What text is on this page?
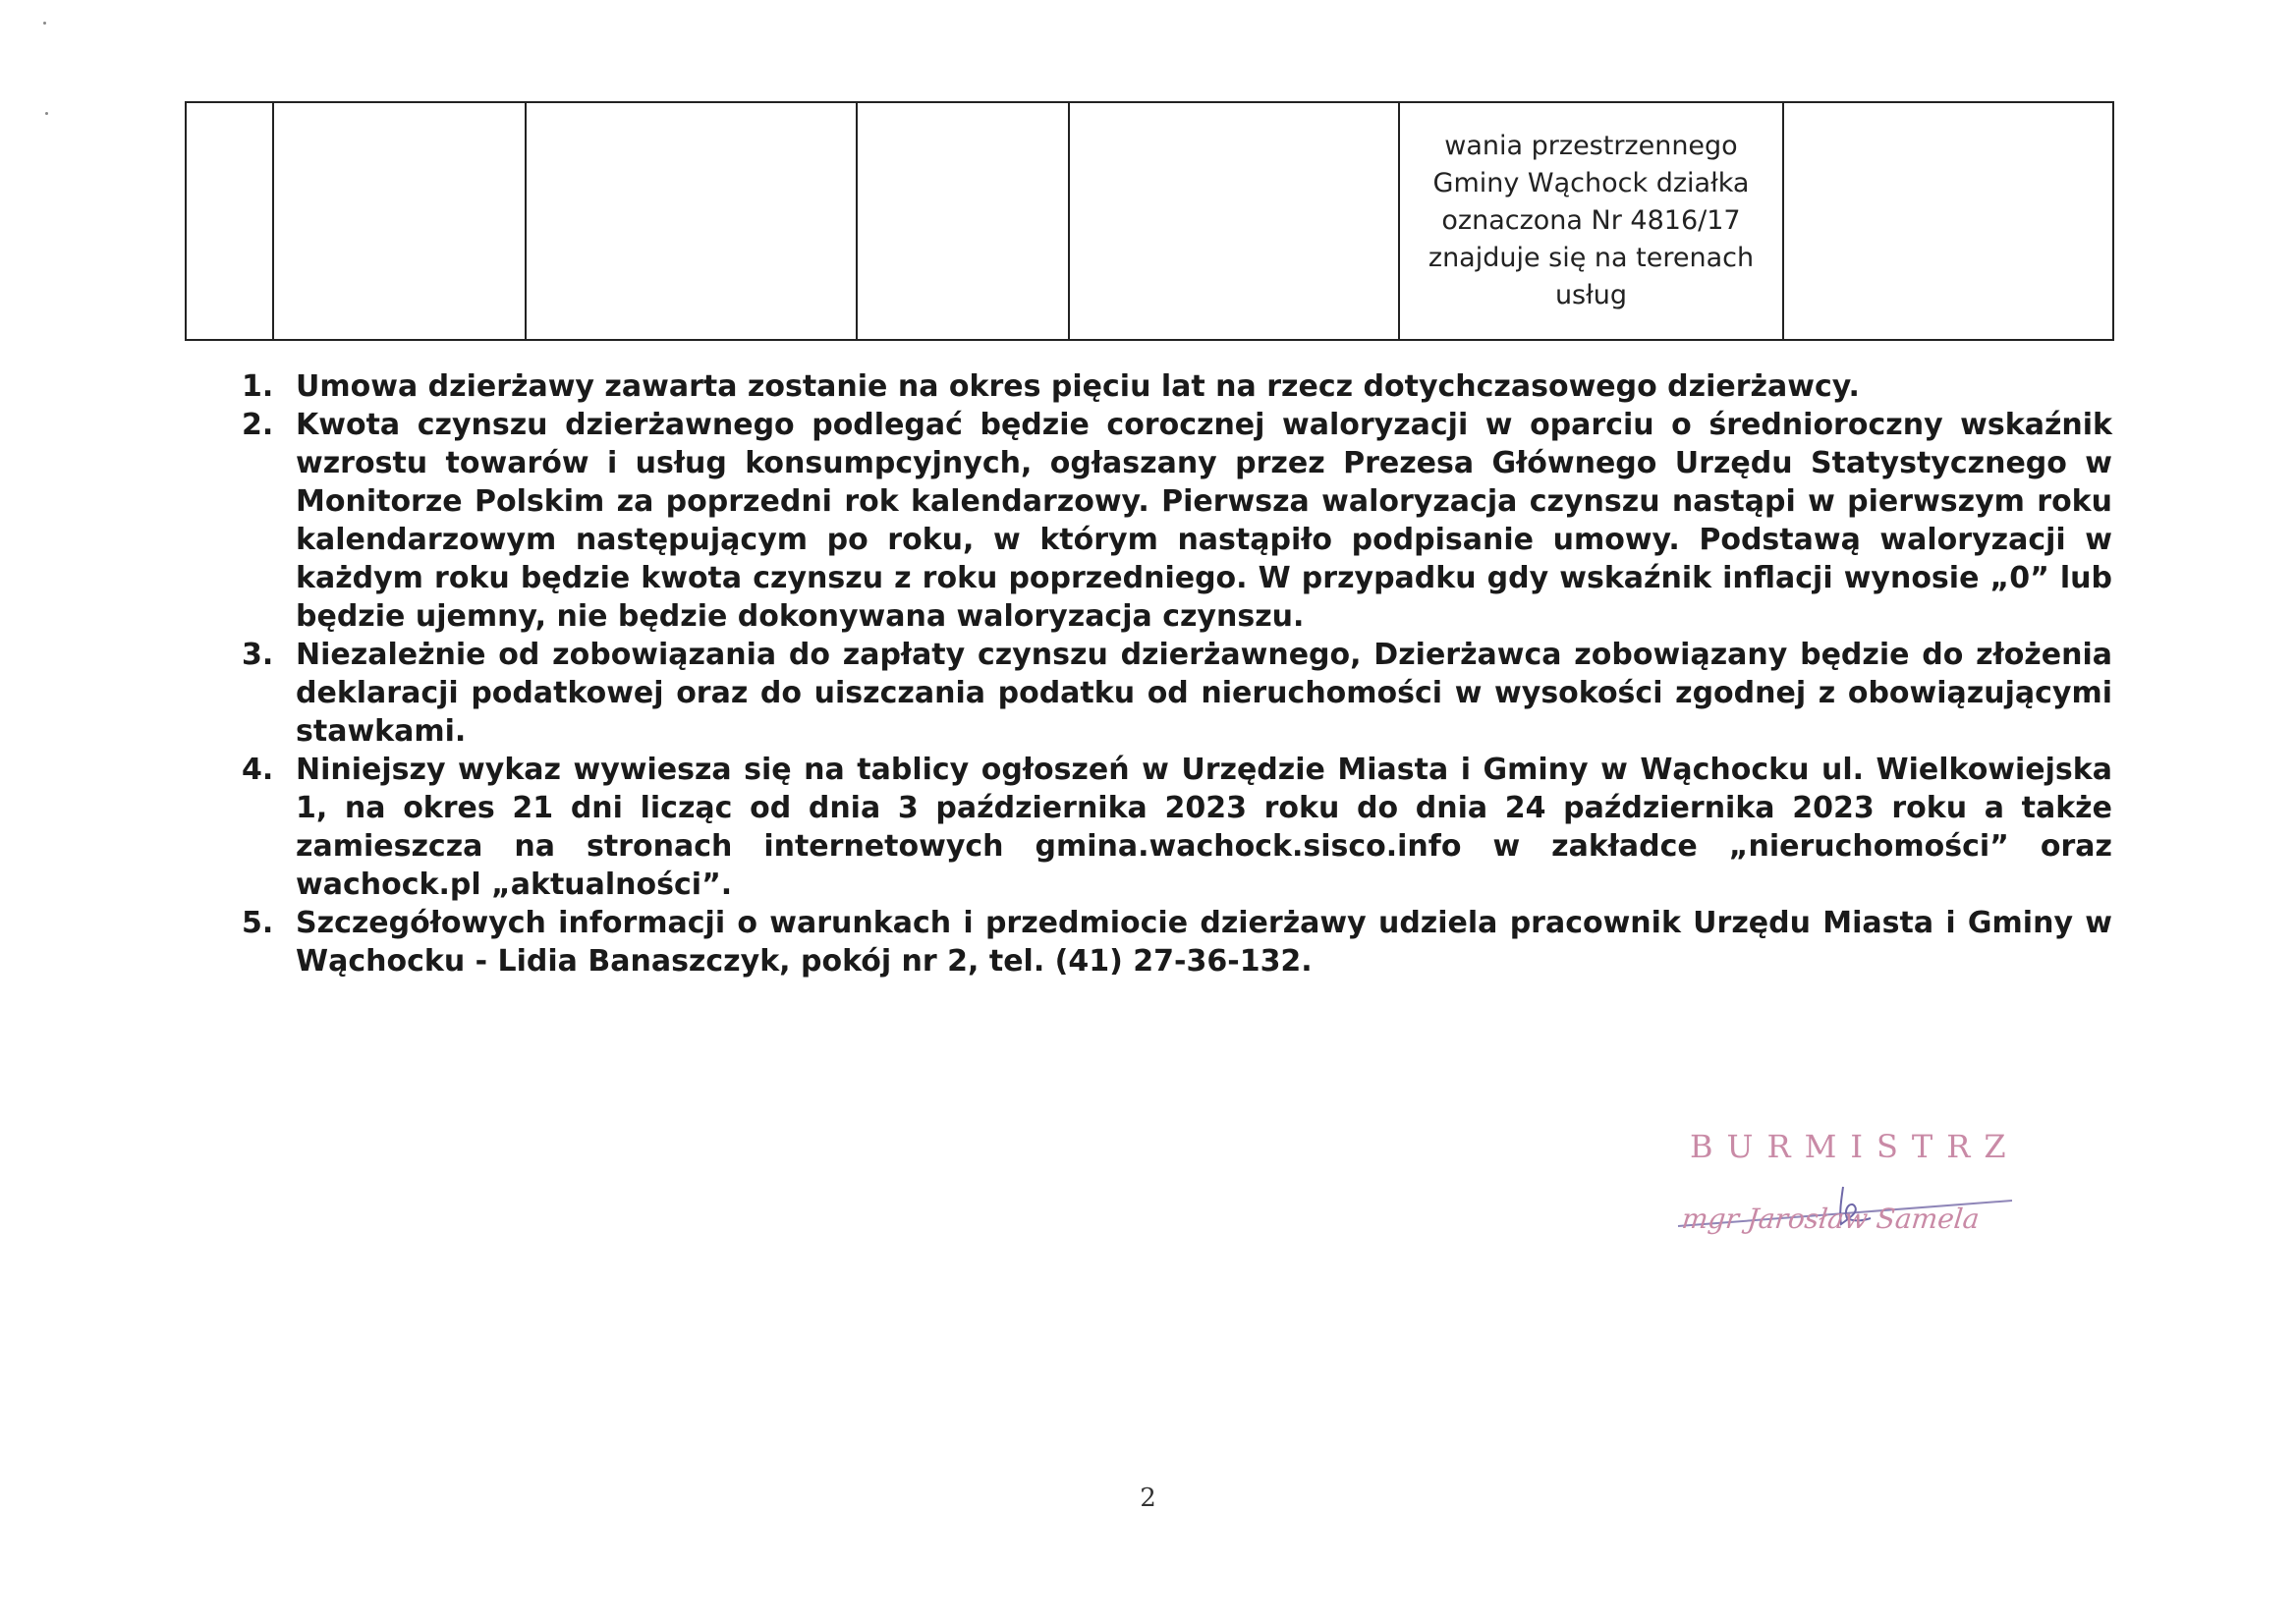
wania przestrzennego
Gminy Wąchock działka
oznaczona Nr 4816/17
znajduje się na terenach
usług

1. Umowa dzierżawy zawarta zostanie na okres pięciu lat na rzecz dotychczasowego dzierżawcy.
2. Kwota czynszu dzierżawnego podlegać będzie corocznej waloryzacji w oparciu o średnioroczny wskaźnik wzrostu towarów i usług konsumpcyjnych, ogłaszany przez Prezesa Głównego Urzędu Statystycznego w Monitorze Polskim za poprzedni rok kalendarzowy. Pierwsza waloryzacja czynszu nastąpi w pierwszym roku kalendarzowym następującym po roku, w którym nastąpiło podpisanie umowy. Podstawą waloryzacji w każdym roku będzie kwota czynszu z roku poprzedniego. W przypadku gdy wskaźnik inflacji wynosie „0” lub będzie ujemny, nie będzie dokonywana waloryzacja czynszu.
3. Niezależnie od zobowiązania do zapłaty czynszu dzierżawnego, Dzierżawca zobowiązany będzie do złożenia deklaracji podatkowej oraz do uiszczania podatku od nieruchomości w wysokości zgodnej z obowiązującymi stawkami.
4. Niniejszy wykaz wywiesza się na tablicy ogłoszeń w Urzędzie Miasta i Gminy w Wąchocku ul. Wielkowiejska 1, na okres 21 dni licząc od dnia 3 października 2023 roku do dnia 24 października 2023 roku a także zamieszcza na stronach internetowych gmina.wachock.sisco.info w zakładce „nieruchomości” oraz wachock.pl „aktualności”.
5. Szczegółowych informacji o warunkach i przedmiocie dzierżawy udziela pracownik Urzędu Miasta i Gminy w Wąchocku - Lidia Banaszczyk, pokój nr 2, tel. (41) 27-36-132.
BURMISTRZ
mgr Jarosław Samela
2
